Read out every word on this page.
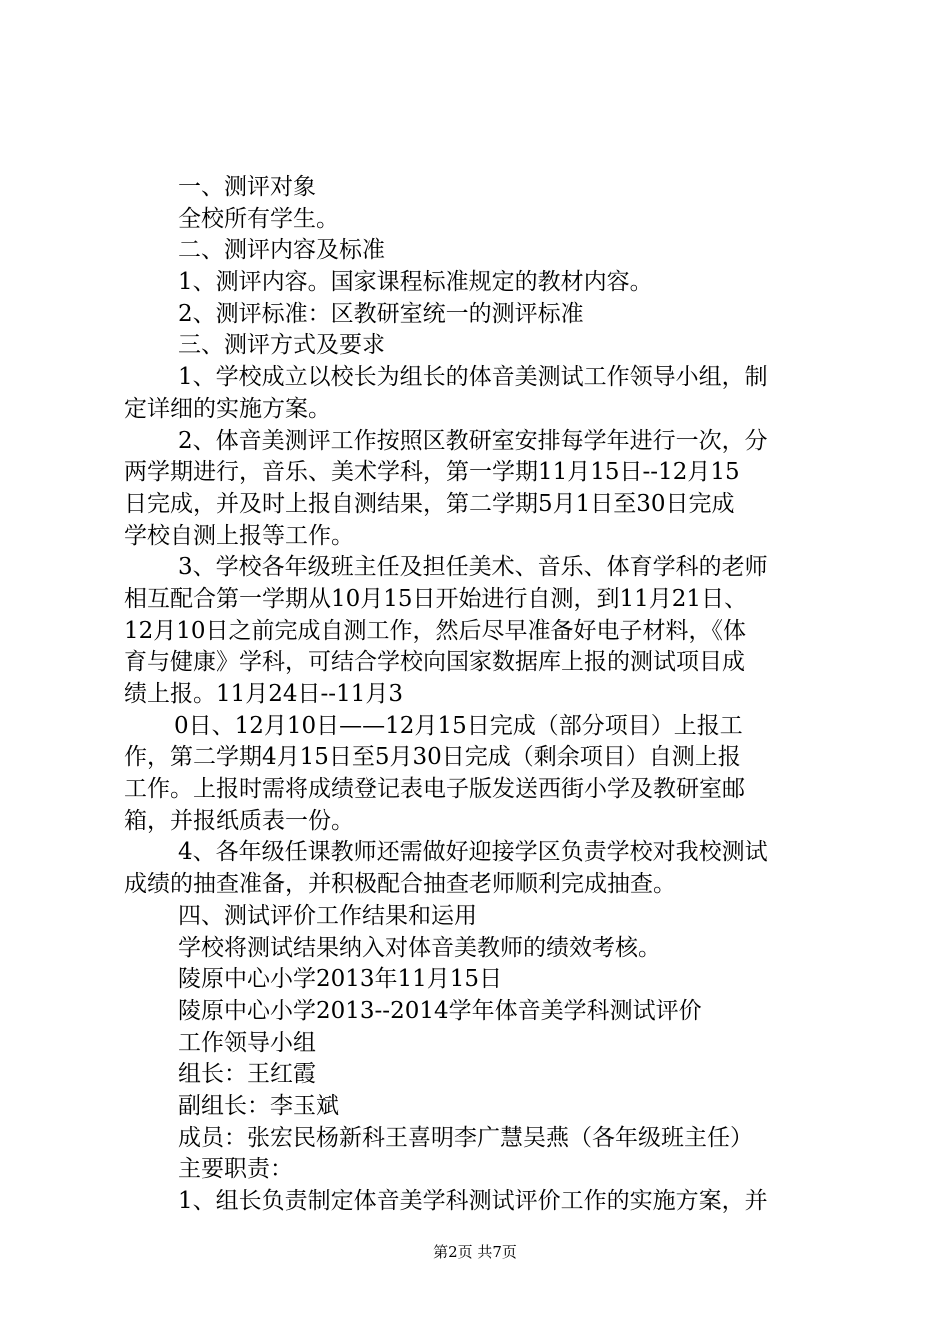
一、测评对象
全校所有学生。
二、测评内容及标准
1、测评内容。国家课程标准规定的教材内容。
2、测评标准：区教研室统一的测评标准
三、测评方式及要求
1、学校成立以校长为组长的体音美测试工作领导小组，制
定详细的实施方案。
2、体音美测评工作按照区教研室安排每学年进行一次，分
两学期进行，音乐、美术学科，第一学期11月15日--12月15
日完成，并及时上报自测结果，第二学期5月1日至30日完成
学校自测上报等工作。
3、学校各年级班主任及担任美术、音乐、体育学科的老师
相互配合第一学期从10月15日开始进行自测，到11月21日、
12月10日之前完成自测工作，然后尽早准备好电子材料，《体
育与健康》学科，可结合学校向国家数据库上报的测试项目成
绩上报。11月24日--11月3
0日、12月10日——12月15日完成（部分项目）上报工
作，第二学期4月15日至5月30日完成（剩余项目）自测上报
工作。上报时需将成绩登记表电子版发送西街小学及教研室邮
箱，并报纸质表一份。
4、各年级任课教师还需做好迎接学区负责学校对我校测试
成绩的抽查准备，并积极配合抽查老师顺利完成抽查。
四、测试评价工作结果和运用
学校将测试结果纳入对体音美教师的绩效考核。
陵原中心小学2013年11月15日
陵原中心小学2013--2014学年体音美学科测试评价
工作领导小组
组长：王红霞
副组长：李玉斌
成员：张宏民杨新科王喜明李广慧吴燕（各年级班主任）
主要职责：
1、组长负责制定体音美学科测试评价工作的实施方案，并
第2页 共7页
